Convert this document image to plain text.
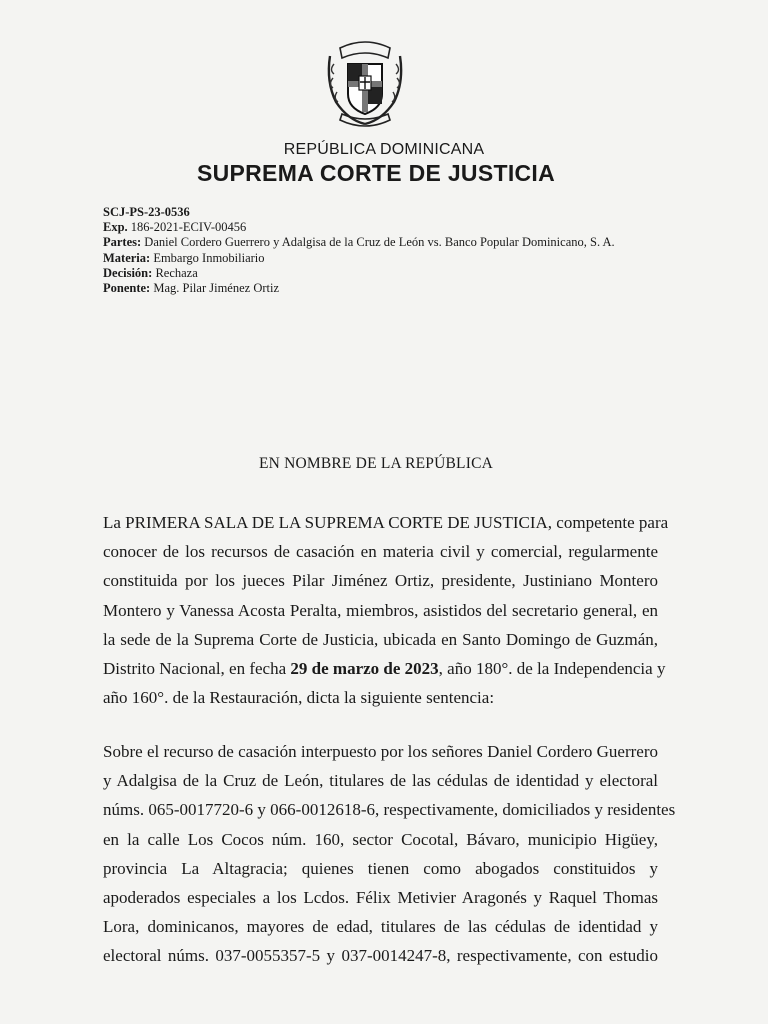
REPÚBLICA DOMINICANA
SUPREMA CORTE DE JUSTICIA
SCJ-PS-23-0536
Exp. 186-2021-ECIV-00456
Partes: Daniel Cordero Guerrero y Adalgisa de la Cruz de León vs. Banco Popular Dominicano, S. A.
Materia: Embargo Inmobiliario
Decisión: Rechaza
Ponente: Mag. Pilar Jiménez Ortiz
EN NOMBRE DE LA REPÚBLICA
La PRIMERA SALA DE LA SUPREMA CORTE DE JUSTICIA, competente para
conocer de los recursos de casación en materia civil y comercial, regularmente
constituida por los jueces Pilar Jiménez Ortiz, presidente, Justiniano Montero
Montero y Vanessa Acosta Peralta, miembros, asistidos del secretario general, en
la sede de la Suprema Corte de Justicia, ubicada en Santo Domingo de Guzmán,
Distrito Nacional, en fecha 29 de marzo de 2023, año 180°. de la Independencia y
año 160°. de la Restauración, dicta la siguiente sentencia:
Sobre el recurso de casación interpuesto por los señores Daniel Cordero Guerrero
y Adalgisa de la Cruz de León, titulares de las cédulas de identidad y electoral
núms. 065-0017720-6 y 066-0012618-6, respectivamente, domiciliados y residentes
en la calle Los Cocos núm. 160, sector Cocotal, Bávaro, municipio Higüey,
provincia La Altagracia; quienes tienen como abogados constituidos y
apoderados especiales a los Lcdos. Félix Metivier Aragonés y Raquel Thomas
Lora, dominicanos, mayores de edad, titulares de las cédulas de identidad y
electoral núms. 037-0055357-5 y 037-0014247-8, respectivamente, con estudio
